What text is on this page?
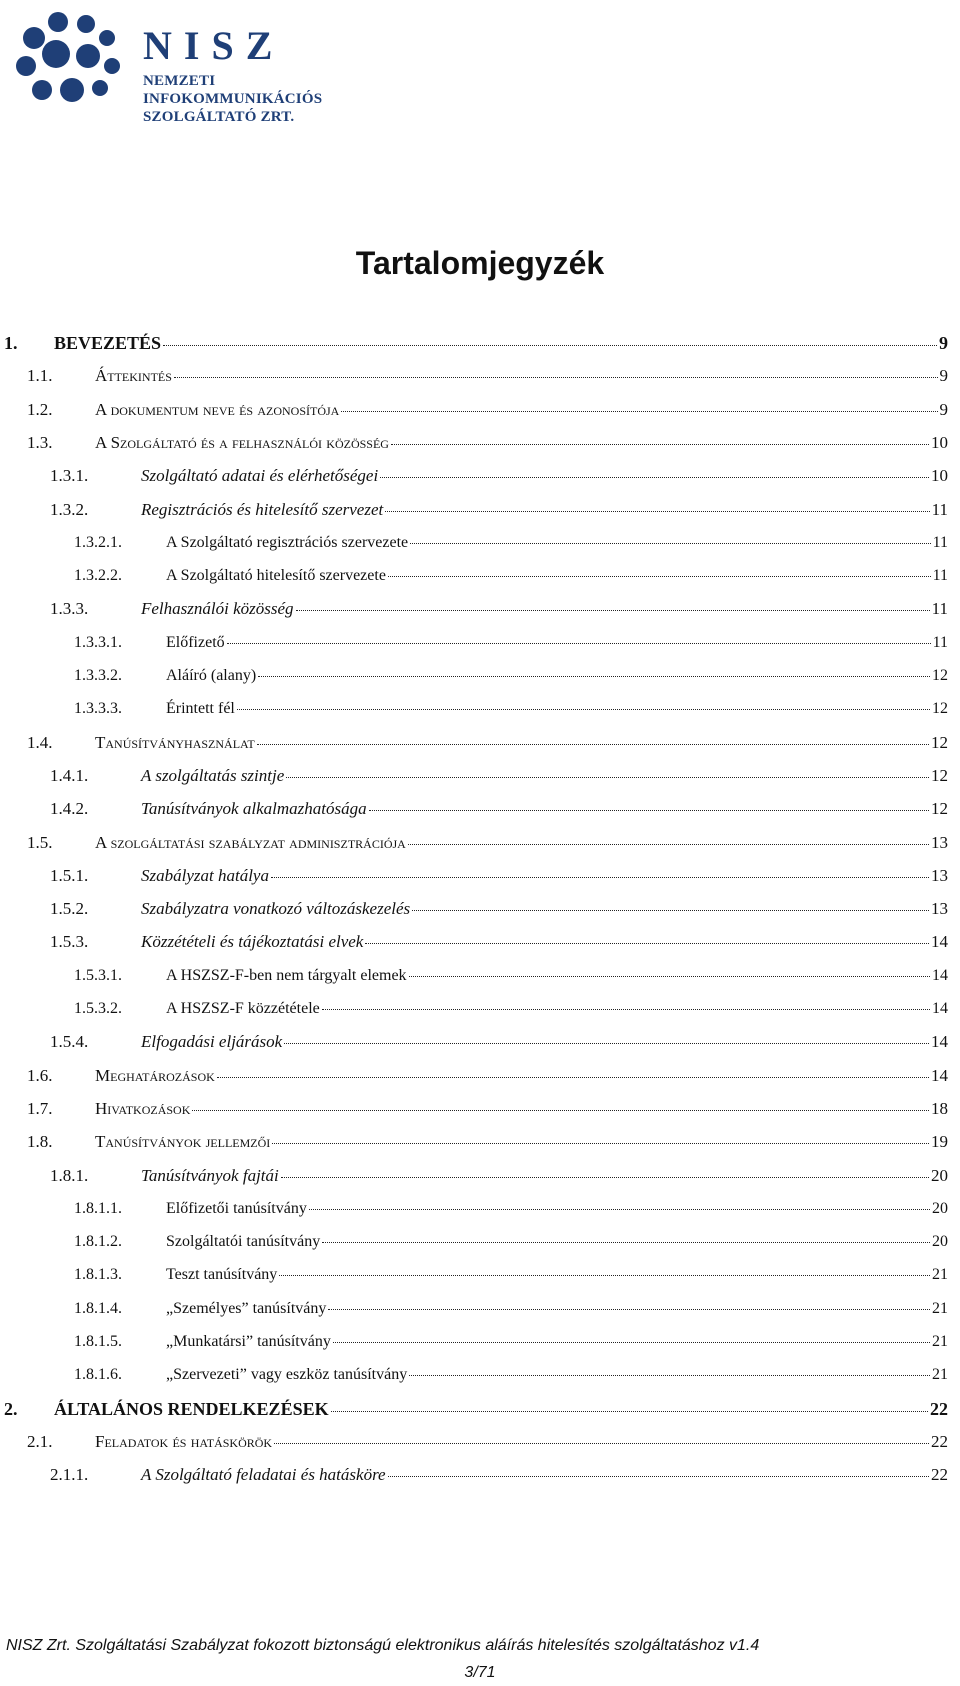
NISZ
NEMZETI INFOKOMMUNIKÁCIÓS
SZOLGÁLTATÓ ZRT.
Tartalomjegyzék
1.	BEVEZETÉS	9
1.1.	Áttekintés	9
1.2.	A dokumentum neve és azonosítója	9
1.3.	A Szolgáltató és a felhasználói közösség	10
1.3.1.	Szolgáltató adatai és elérhetőségei	10
1.3.2.	Regisztrációs és hitelesítő szervezet	11
1.3.2.1.	A Szolgáltató regisztrációs szervezete	11
1.3.2.2.	A Szolgáltató hitelesítő szervezete	11
1.3.3.	Felhasználói közösség	11
1.3.3.1.	Előfizető	11
1.3.3.2.	Aláíró (alany)	12
1.3.3.3.	Érintett fél	12
1.4.	Tanúsítványhasználat	12
1.4.1.	A szolgáltatás szintje	12
1.4.2.	Tanúsítványok alkalmazhatósága	12
1.5.	A szolgáltatási szabályzat adminisztrációja	13
1.5.1.	Szabályzat hatálya	13
1.5.2.	Szabályzatra vonatkozó változáskezelés	13
1.5.3.	Közzétételi és tájékoztatási elvek	14
1.5.3.1.	A HSZSZ-F-ben nem tárgyalt elemek	14
1.5.3.2.	A HSZSZ-F közzététele	14
1.5.4.	Elfogadási eljárások	14
1.6.	Meghatározások	14
1.7.	Hivatkozások	18
1.8.	Tanúsítványok jellemzői	19
1.8.1.	Tanúsítványok fajtái	20
1.8.1.1.	Előfizetői tanúsítvány	20
1.8.1.2.	Szolgáltatói tanúsítvány	20
1.8.1.3.	Teszt tanúsítvány	21
1.8.1.4.	„Személyes” tanúsítvány	21
1.8.1.5.	„Munkatársi” tanúsítvány	21
1.8.1.6.	„Szervezeti” vagy eszköz tanúsítvány	21
2.	ÁLTALÁNOS RENDELKEZÉSEK	22
2.1.	Feladatok és hatáskörök	22
2.1.1.	A Szolgáltató feladatai és hatásköre	22
NISZ Zrt. Szolgáltatási Szabályzat fokozott biztonságú elektronikus aláírás hitelesítés szolgáltatáshoz v1.4
3/71
